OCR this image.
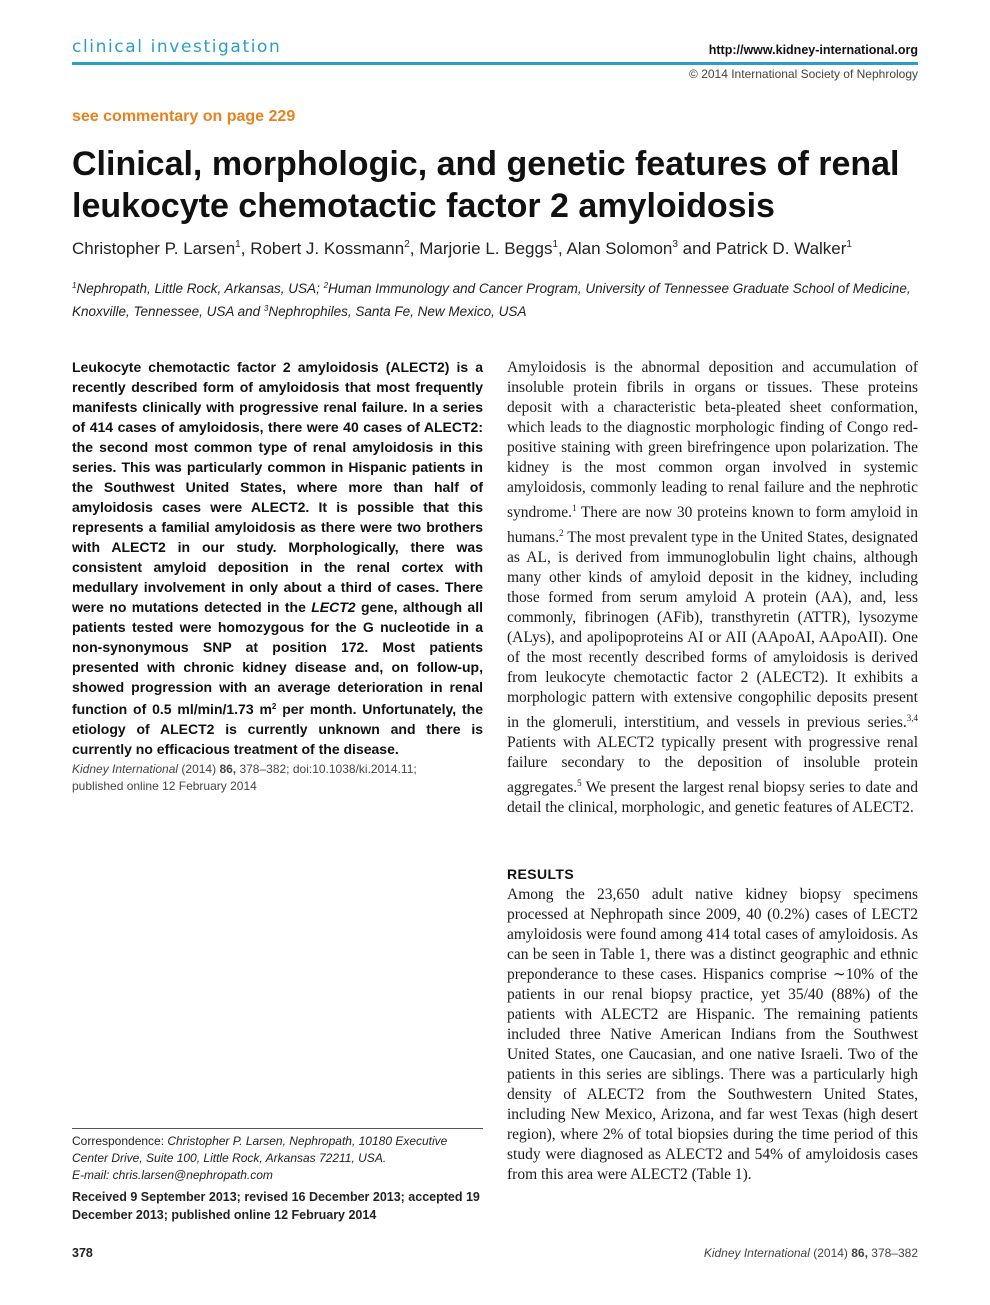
clinical investigation	http://www.kidney-international.org
© 2014 International Society of Nephrology
see commentary on page 229
Clinical, morphologic, and genetic features of renal leukocyte chemotactic factor 2 amyloidosis
Christopher P. Larsen$^1$, Robert J. Kossmann$^2$, Marjorie L. Beggs$^1$, Alan Solomon$^3$ and Patrick D. Walker$^1$
$^1$Nephropath, Little Rock, Arkansas, USA; $^2$Human Immunology and Cancer Program, University of Tennessee Graduate School of Medicine, Knoxville, Tennessee, USA and $^3$Nephrophiles, Santa Fe, New Mexico, USA
Leukocyte chemotactic factor 2 amyloidosis (ALECT2) is a recently described form of amyloidosis that most frequently manifests clinically with progressive renal failure. In a series of 414 cases of amyloidosis, there were 40 cases of ALECT2: the second most common type of renal amyloidosis in this series. This was particularly common in Hispanic patients in the Southwest United States, where more than half of amyloidosis cases were ALECT2. It is possible that this represents a familial amyloidosis as there were two brothers with ALECT2 in our study. Morphologically, there was consistent amyloid deposition in the renal cortex with medullary involvement in only about a third of cases. There were no mutations detected in the LECT2 gene, although all patients tested were homozygous for the G nucleotide in a non-synonymous SNP at position 172. Most patients presented with chronic kidney disease and, on follow-up, showed progression with an average deterioration in renal function of 0.5 ml/min/1.73 $m^2$ per month. Unfortunately, the etiology of ALECT2 is currently unknown and there is currently no efficacious treatment of the disease.
Kidney International (2014) 86, 378–382; doi:10.1038/ki.2014.11;
published online 12 February 2014
Correspondence: Christopher P. Larsen, Nephropath, 10180 Executive Center Drive, Suite 100, Little Rock, Arkansas 72211, USA.
E-mail: chris.larsen@nephropath.com
Received 9 September 2013; revised 16 December 2013; accepted 19 December 2013; published online 12 February 2014
Amyloidosis is the abnormal deposition and accumulation of insoluble protein fibrils in organs or tissues. These proteins deposit with a characteristic beta-pleated sheet conformation, which leads to the diagnostic morphologic finding of Congo red-positive staining with green birefringence upon polarization. The kidney is the most common organ involved in systemic amyloidosis, commonly leading to renal failure and the nephrotic syndrome.$^1$ There are now 30 proteins known to form amyloid in humans.$^2$ The most prevalent type in the United States, designated as AL, is derived from immunoglobulin light chains, although many other kinds of amyloid deposit in the kidney, including those formed from serum amyloid A protein (AA), and, less commonly, fibrinogen (AFib), transthyretin (ATTR), lysozyme (ALys), and apolipoproteins AI or AII (AApoAI, AApoAII). One of the most recently described forms of amyloidosis is derived from leukocyte chemotactic factor 2 (ALECT2). It exhibits a morphologic pattern with extensive congophilic deposits present in the glomeruli, interstitium, and vessels in previous series.$^{3,4}$ Patients with ALECT2 typically present with progressive renal failure secondary to the deposition of insoluble protein aggregates.$^5$ We present the largest renal biopsy series to date and detail the clinical, morphologic, and genetic features of ALECT2.
RESULTS
Among the 23,650 adult native kidney biopsy specimens processed at Nephropath since 2009, 40 (0.2%) cases of LECT2 amyloidosis were found among 414 total cases of amyloidosis. As can be seen in Table 1, there was a distinct geographic and ethnic preponderance to these cases. Hispanics comprise ∼10% of the patients in our renal biopsy practice, yet 35/40 (88%) of the patients with ALECT2 are Hispanic. The remaining patients included three Native American Indians from the Southwest United States, one Caucasian, and one native Israeli. Two of the patients in this series are siblings. There was a particularly high density of ALECT2 from the Southwestern United States, including New Mexico, Arizona, and far west Texas (high desert region), where 2% of total biopsies during the time period of this study were diagnosed as ALECT2 and 54% of amyloidosis cases from this area were ALECT2 (Table 1).
378	Kidney International (2014) 86, 378–382
